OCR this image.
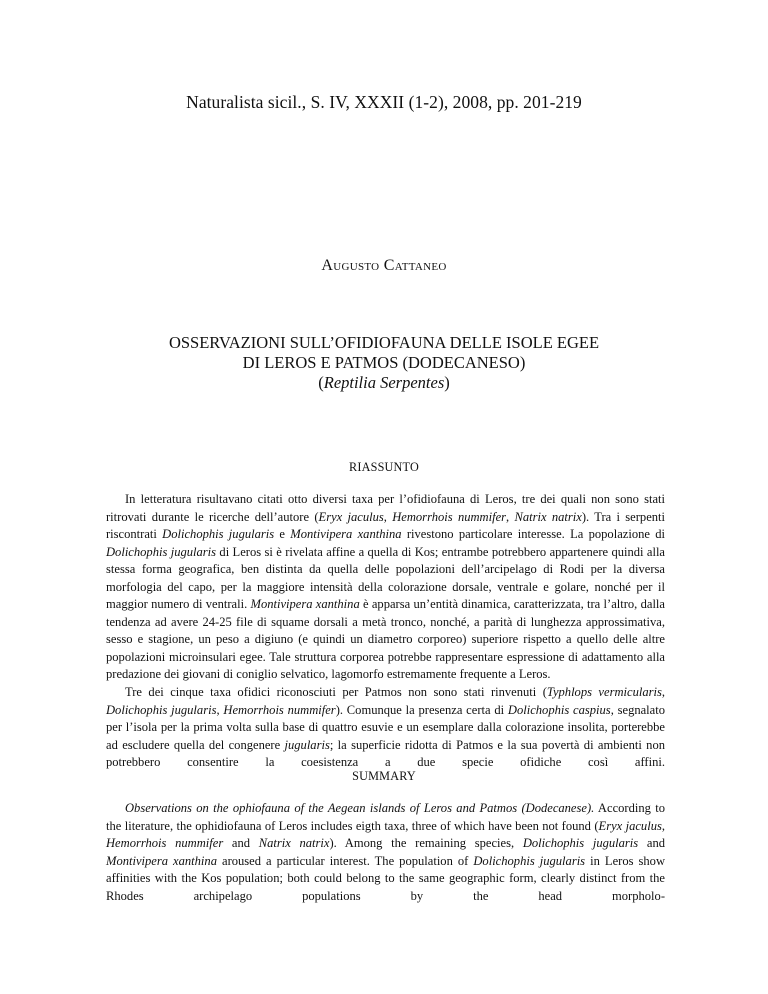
Naturalista sicil., S. IV, XXXII (1-2), 2008, pp. 201-219
Augusto Cattaneo
OSSERVAZIONI SULL’OFIDIOFAUNA DELLE ISOLE EGEE
DI LEROS E PATMOS (DODECANESO)
(Reptilia Serpentes)
RIASSUNTO

In letteratura risultavano citati otto diversi taxa per l’ofidiofauna di Leros, tre dei quali non sono stati ritrovati durante le ricerche dell’autore (Eryx jaculus, Hemorrhois nummifer, Natrix natrix). Tra i serpenti riscontrati Dolichophis jugularis e Montivipera xanthina rivestono particolare interesse. La popolazione di Dolichophis jugularis di Leros si è rivelata affine a quella di Kos; entrambe potrebbero appartenere quindi alla stessa forma geografica, ben distinta da quella delle popolazioni dell’arcipelago di Rodi per la diversa morfologia del capo, per la maggiore intensità della colorazione dorsale, ventrale e golare, nonché per il maggior numero di ventrali. Montivipera xanthina è apparsa un’entità dinamica, caratterizzata, tra l’altro, dalla tendenza ad avere 24-25 file di squame dorsali a metà tronco, nonché, a parità di lunghezza approssimativa, sesso e stagione, un peso a digiuno (e quindi un diametro corporeo) superiore rispetto a quello delle altre popolazioni microinsulari egee. Tale struttura corporea potrebbe rappresentare espressione di adattamento alla predazione dei giovani di coniglio selvatico, lagomorfo estremamente frequente a Leros.

Tre dei cinque taxa ofidici riconosciuti per Patmos non sono stati rinvenuti (Typhlops vermicularis, Dolichophis jugularis, Hemorrhois nummifer). Comunque la presenza certa di Dolichophis caspius, segnalato per l’isola per la prima volta sulla base di quattro esuvie e un esemplare dalla colorazione insolita, porterebbe ad escludere quella del congenere jugularis; la superficie ridotta di Patmos e la sua povertà di ambienti non potrebbero consentire la coesistenza a due specie ofidiche così affini.

SUMMARY

Observations on the ophiofauna of the Aegean islands of Leros and Patmos (Dodecanese). According to the literature, the ophidiofauna of Leros includes eigth taxa, three of which have been not found (Eryx jaculus, Hemorrhois nummifer and Natrix natrix). Among the remaining species, Dolichophis jugularis and Montivipera xanthina aroused a particular interest. The population of Dolichophis jugularis in Leros show affinities with the Kos population; both could belong to the same geographic form, clearly distinct from the Rhodes archipelago populations by the head morpholo-
